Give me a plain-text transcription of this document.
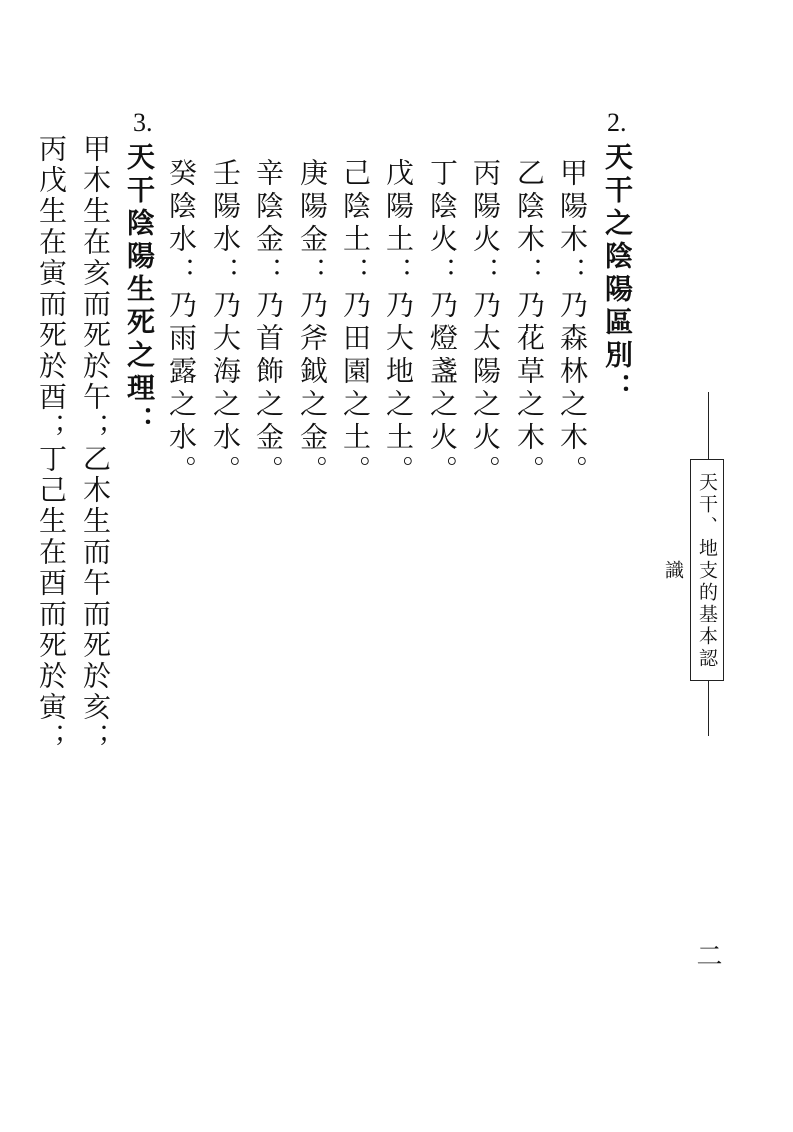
天干、地支的基本認識
二
2.
天干之陰陽區別：
甲陽木：乃森林之木。
乙陰木：乃花草之木。
丙陽火：乃太陽之火。
丁陰火：乃燈盞之火。
戊陽土：乃大地之土。
己陰土：乃田園之土。
庚陽金：乃斧鉞之金。
辛陰金：乃首飾之金。
壬陽水：乃大海之水。
癸陰水：乃雨露之水。
3.
天干陰陽生死之理：
甲木生在亥而死於午；乙木生而午而死於亥；
丙戊生在寅而死於酉；丁己生在酉而死於寅；
